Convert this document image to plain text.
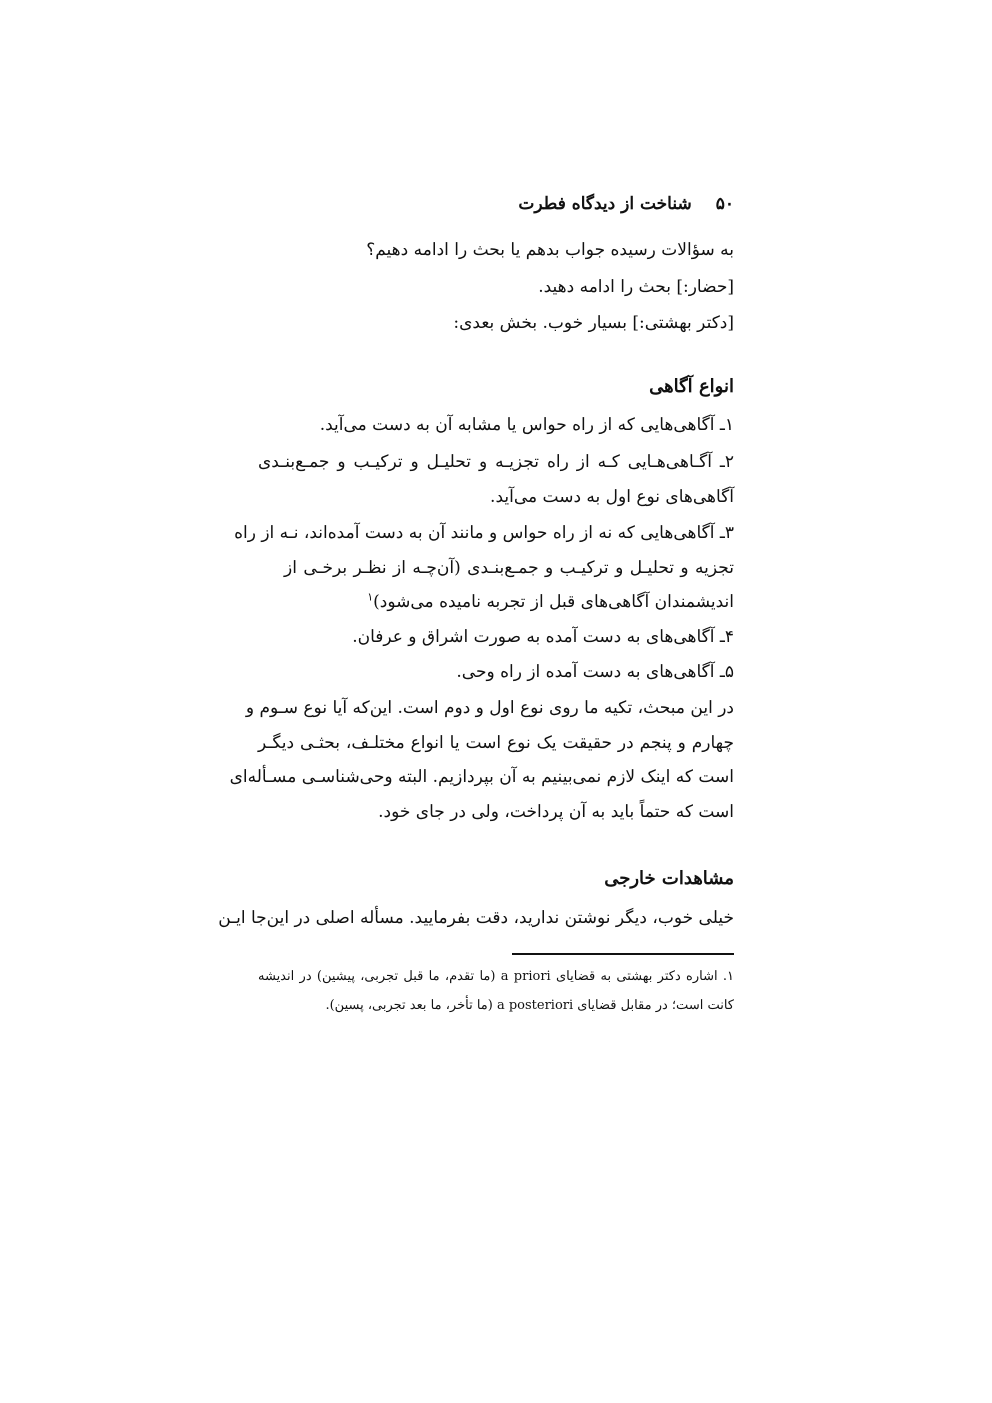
۵۰شناخت از دیدگاه فطرت
به سؤالات رسیده جواب بدهم یا بحث را ادامه دهیم؟
[حضار:] بحث را ادامه دهید.
[دکتر بهشتی:] بسیار خوب. بخش بعدی:
انواع آگاهی
۱ـ آگاهی‌هایی که از راه حواس یا مشابه آن به دست می‌آید.
۲ـ آگـاهی‌هـایی کـه از راه تجزیـه و تحلیـل و ترکیـب و جمـع‌بنـدی
آگاهی‌های نوع اول به دست می‌آید.
۳ـ آگاهی‌هایی که نه از راه حواس و مانند آن به دست آمده‌اند، نـه از راه
تجزیه و تحلیـل و ترکیـب و جمـع‌بنـدی (آن‌چـه از نظـر برخـی از
اندیشمندان آگاهی‌های قبل از تجربه نامیده می‌شود)$^۱$
۴ـ آگاهی‌های به دست آمده به صورت اشراق و عرفان.
۵ـ آگاهی‌های به دست آمده از راه وحی.
در این مبحث، تکیه ما روی نوع اول و دوم است. این‌که آیا نوع سـوم و
چهارم و پنجم در حقیقت یک نوع است یا انواع مختلـف، بحثـی دیگـر
است که اینک لازم نمی‌بینیم به آن بپردازیم. البته وحی‌شناسـی مسـأله‌ای
است که حتماً باید به آن پرداخت، ولی در جای خود.
مشاهدات خارجی
خیلی خوب، دیگر نوشتن ندارید، دقت بفرمایید. مسأله اصلی در این‌جا ایـن
۱. اشاره دکتر بهشتی به قضایای a priori (ما تقدم، ما قبل تجربی، پیشین) در اندیشه
کانت است؛ در مقابل قضایای a posteriori (ما تأخر، ما بعد تجربی، پسین).
